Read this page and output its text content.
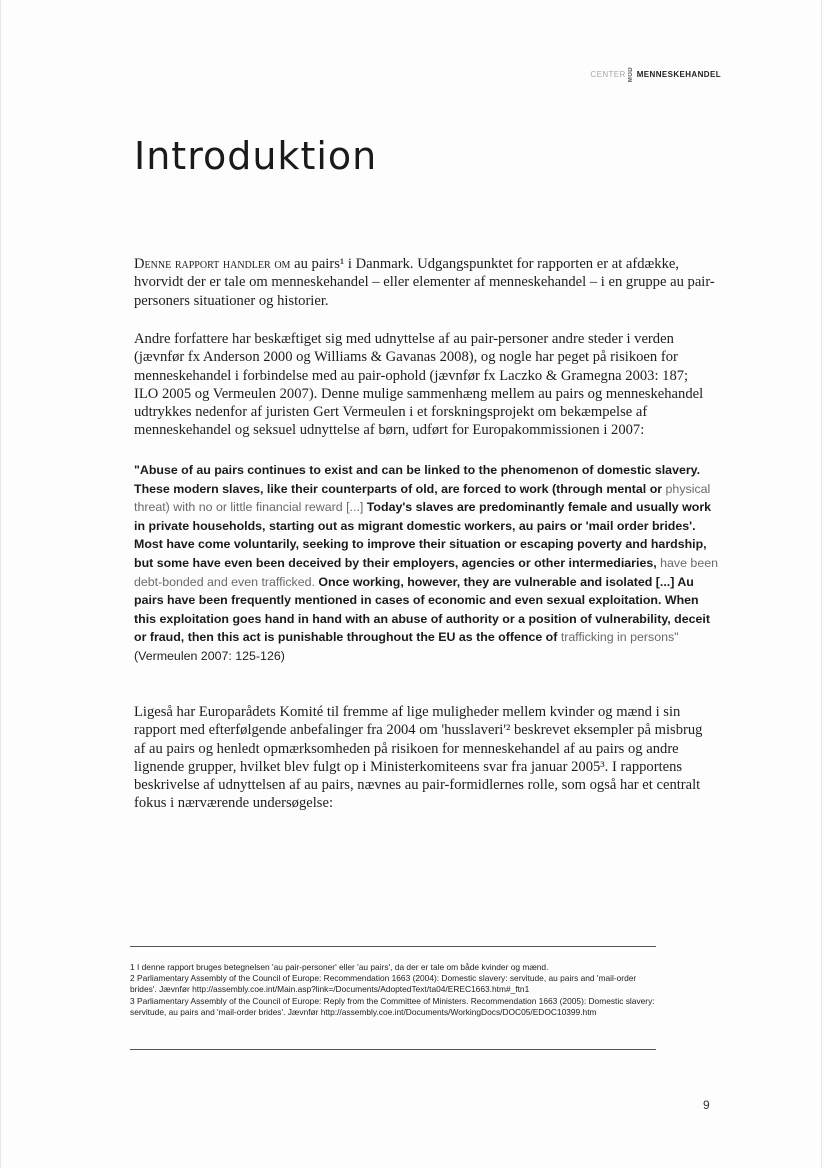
CENTER MOD MENNESKEHANDEL
Introduktion

Denne rapport handler om au pairs¹ i Danmark. Udgangspunktet for rapporten er at afdække, hvorvidt der er tale om menneskehandel – eller elementer af menneskehandel – i en gruppe au pair-personers situationer og historier.

Andre forfattere har beskæftiget sig med udnyttelse af au pair-personer andre steder i verden (jævnfør fx Anderson 2000 og Williams & Gavanas 2008), og nogle har peget på risikoen for menneskehandel i forbindelse med au pair-ophold (jævnfør fx Laczko & Gramegna 2003: 187; ILO 2005 og Vermeulen 2007). Denne mulige sammenhæng mellem au pairs og menneskehandel udtrykkes nedenfor af juristen Gert Vermeulen i et forskningsprojekt om bekæmpelse af menneskehandel og seksuel udnyttelse af børn, udført for Europakommissionen i 2007:

"Abuse of au pairs continues to exist and can be linked to the phenomenon of domestic slavery. These modern slaves, like their counterparts of old, are forced to work (through mental or physical threat) with no or little financial reward [...] Today's slaves are predominantly female and usually work in private households, starting out as migrant domestic workers, au pairs or 'mail order brides'. Most have come voluntarily, seeking to improve their situation or escaping poverty and hardship, but some have even been deceived by their employers, agencies or other intermediaries, have been debt-bonded and even trafficked. Once working, however, they are vulnerable and isolated [...] Au pairs have been frequently mentioned in cases of economic and even sexual exploitation. When this exploitation goes hand in hand with an abuse of authority or a position of vulnerability, deceit or fraud, then this act is punishable throughout the EU as the offence of trafficking in persons"
(Vermeulen 2007: 125-126)

Ligeså har Europarådets Komité til fremme af lige muligheder mellem kvinder og mænd i sin rapport med efterfølgende anbefalinger fra 2004 om 'husslaveri'² beskrevet eksempler på misbrug af au pairs og henledt opmærksomheden på risikoen for menneskehandel af au pairs og andre lignende grupper, hvilket blev fulgt op i Ministerkomiteens svar fra januar 2005³. I rapportens beskrivelse af udnyttelsen af au pairs, nævnes au pair-formidlernes rolle, som også har et centralt fokus i nærværende undersøgelse:

1 I denne rapport bruges betegnelsen 'au pair-personer' eller 'au pairs', da der er tale om både kvinder og mænd.

2 Parliamentary Assembly of the Council of Europe: Recommendation 1663 (2004): Domestic slavery: servitude, au pairs and 'mail-order brides'. Jævnfør http://assembly.coe.int/Main.asp?link=/Documents/AdoptedText/ta04/EREC1663.htm#_ftn1

3 Parliamentary Assembly of the Council of Europe: Reply from the Committee of Ministers. Recommendation 1663 (2005): Domestic slavery: servitude, au pairs and 'mail-order brides'. Jævnfør http://assembly.coe.int/Documents/WorkingDocs/DOC05/EDOC10399.htm

9
